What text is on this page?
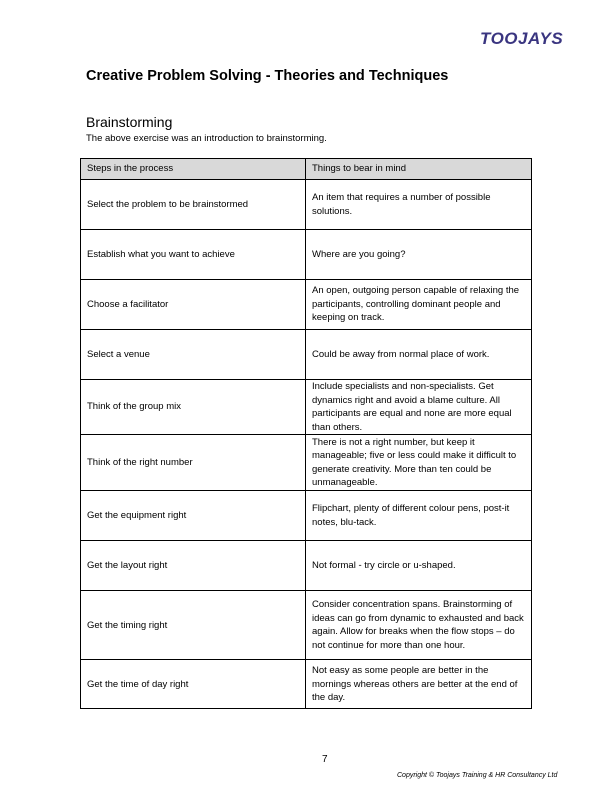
TOOJAYS
Creative Problem Solving - Theories and Techniques
Brainstorming
The above exercise was an introduction to brainstorming.
Steps in the process	Things to bear in mind
Select the problem to be brainstormed	An item that requires a number of possible solutions.
Establish what you want to achieve	Where are you going?
Choose a facilitator	An open, outgoing person capable of relaxing the participants, controlling dominant people and keeping on track.
Select a venue	Could be away from normal place of work.
Think of the group mix	Include specialists and non-specialists. Get dynamics right and avoid a blame culture. All participants are equal and none are more equal than others.
Think of the right number	There is not a right number, but keep it manageable; five or less could make it difficult to generate creativity. More than ten could be unmanageable.
Get the equipment right	Flipchart, plenty of different colour pens, post-it notes, blu-tack.
Get the layout right	Not formal - try circle or u-shaped.
Get the timing right	Consider concentration spans. Brainstorming of ideas can go from dynamic to exhausted and back again. Allow for breaks when the flow stops – do not continue for more than one hour.
Get the time of day right	Not easy as some people are better in the mornings whereas others are better at the end of the day.
7
Copyright © Toojays Training & HR Consultancy Ltd
